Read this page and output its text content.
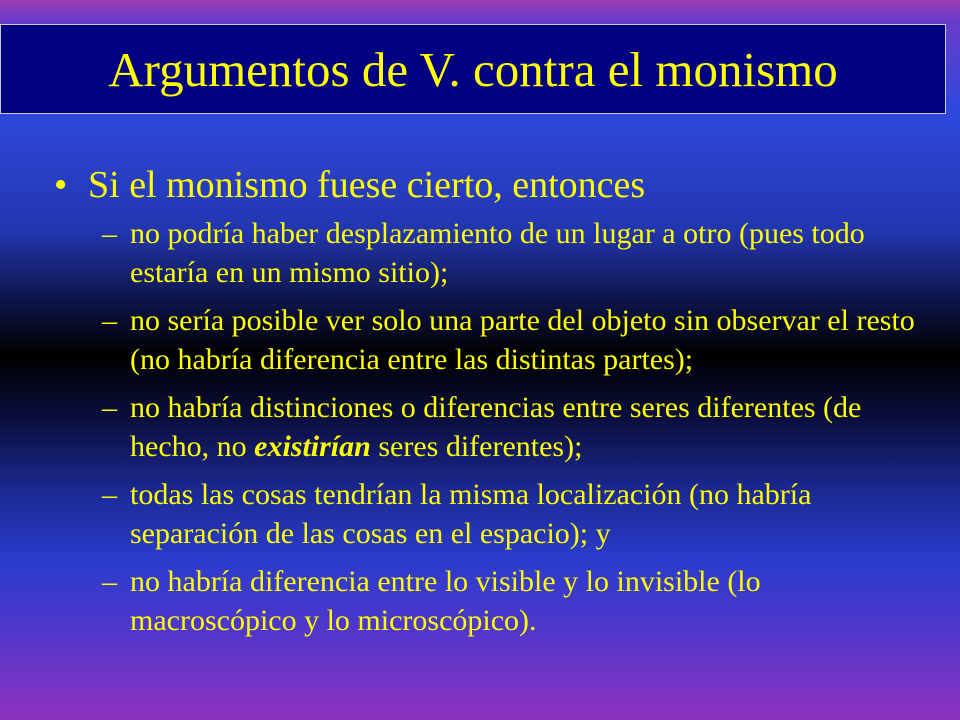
Argumentos de V. contra el monismo
• Si el monismo fuese cierto, entonces
– no podría haber desplazamiento de un lugar a otro (pues todo estaría en un mismo sitio);
– no sería posible ver solo una parte del objeto sin observar el resto (no habría diferencia entre las distintas partes);
– no habría distinciones o diferencias entre seres diferentes (de hecho, no existirían seres diferentes);
– todas las cosas tendrían la misma localización (no habría separación de las cosas en el espacio); y
– no habría diferencia entre lo visible y lo invisible (lo macroscópico y lo microscópico).
